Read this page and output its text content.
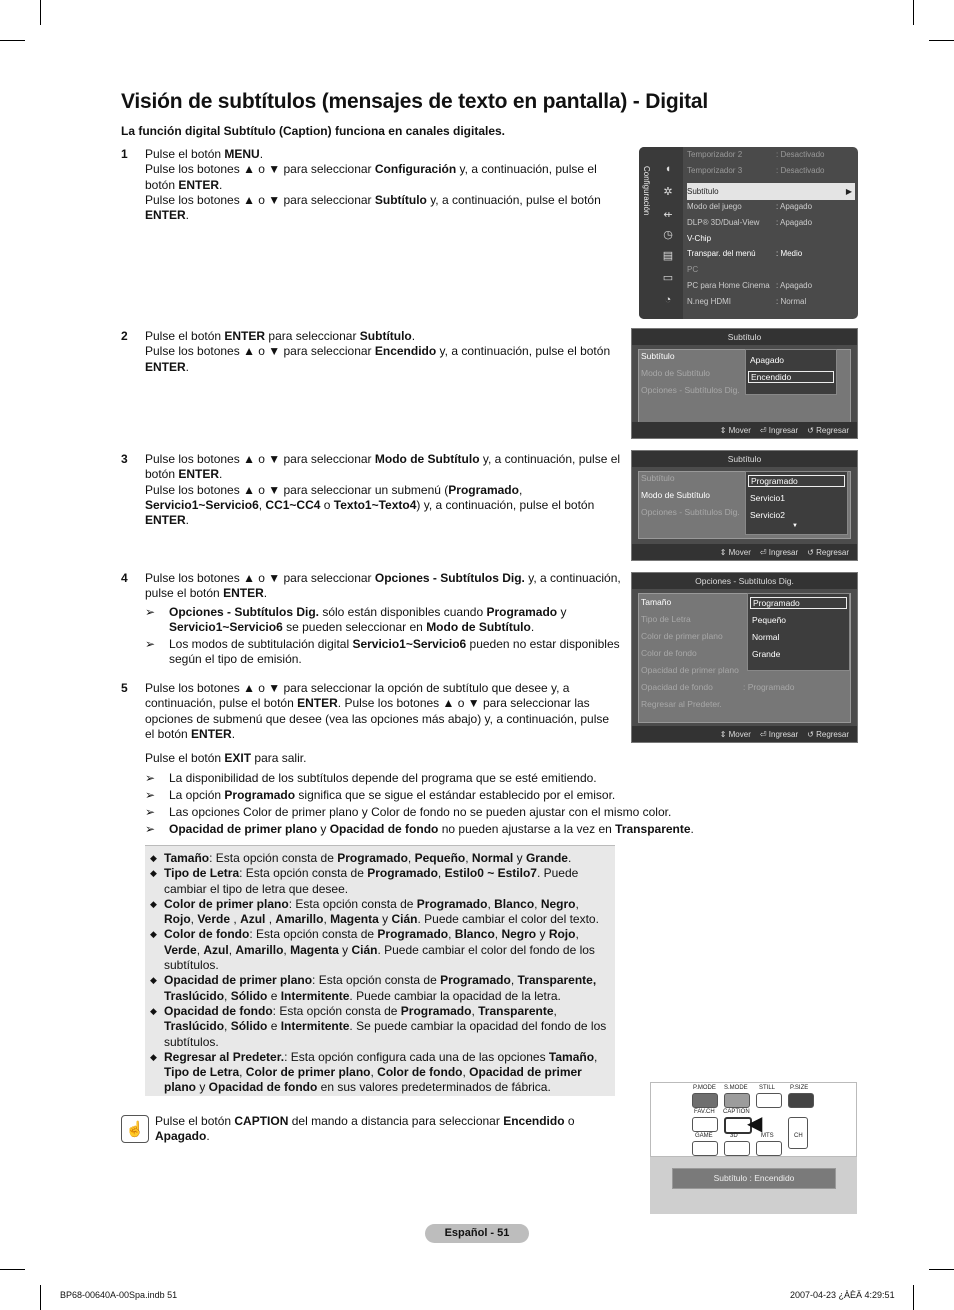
Visión de subtítulos (mensajes de texto en pantalla) - Digital
La función digital Subtítulo (Caption) funciona en canales digitales.
1 Pulse el botón MENU.

Pulse los botones ▲ o ▼ para seleccionar Configuración y, a continuación, pulse el botón ENTER.

Pulse los botones ▲ o ▼ para seleccionar Subtítulo y, a continuación, pulse el botón ENTER.

2 Pulse el botón ENTER para seleccionar Subtítulo.

Pulse los botones ▲ o ▼ para seleccionar Encendido y, a continuación, pulse el botón ENTER.

3 Pulse los botones ▲ o ▼ para seleccionar Modo de Subtítulo y, a continuación, pulse el botón ENTER.

Pulse los botones ▲ o ▼ para seleccionar un submenú (Programado, Servicio1~Servicio6, CC1~CC4 o Texto1~Texto4) y, a continuación, pulse el botón ENTER.

4 Pulse los botones ▲ o ▼ para seleccionar Opciones - Subtítulos Dig. y, a continuación, pulse el botón ENTER.

➢ Opciones - Subtítulos Dig. sólo están disponibles cuando Programado y Servicio1~Servicio6 se pueden seleccionar en Modo de Subtítulo.
➢ Los modos de subtitulación digital Servicio1~Servicio6 pueden no estar disponibles según el tipo de emisión.
5 Pulse los botones ▲ o ▼ para seleccionar la opción de subtítulo que desee y, a continuación, pulse el botón ENTER. Pulse los botones ▲ o ▼ para seleccionar las opciones de submenú que desee (vea las opciones más abajo) y, a continuación, pulse el botón ENTER.

Pulse el botón EXIT para salir.

➢ La disponibilidad de los subtítulos depende del programa que se esté emitiendo.
➢ La opción Programado significa que se sigue el estándar establecido por el emisor.
➢ Las opciones Color de primer plano y Color de fondo no se pueden ajustar con el mismo color.
➢ Opacidad de primer plano y Opacidad de fondo no pueden ajustarse a la vez en Transparente.
◆ Tamaño: Esta opción consta de Programado, Pequeño, Normal y Grande.
◆ Tipo de Letra: Esta opción consta de Programado, Estilo0 ~ Estilo7. Puede cambiar el tipo de letra que desee.
◆ Color de primer plano: Esta opción consta de Programado, Blanco, Negro, Rojo, Verde , Azul , Amarillo, Magenta y Cián. Puede cambiar el color del texto.
◆ Color de fondo: Esta opción consta de Programado, Blanco, Negro y Rojo, Verde, Azul, Amarillo, Magenta y Cián. Puede cambiar el color del fondo de los subtítulos.
◆ Opacidad de primer plano: Esta opción consta de Programado, Transparente, Traslúcido, Sólido e Intermitente. Puede cambiar la opacidad de la letra.
◆ Opacidad de fondo: Esta opción consta de Programado, Transparente, Traslúcido, Sólido e Intermitente. Se puede cambiar la opacidad del fondo de los subtítulos.
◆ Regresar al Predeter.: Esta opción configura cada una de las opciones Tamaño, Tipo de Letra, Color de primer plano, Color de fondo, Opacidad de primer plano y Opacidad de fondo en sus valores predeterminados de fábrica.
☝ Pulse el botón CAPTION del mando a distancia para seleccionar Encendido o Apagado.
Configuración	◖
✲
⇷
◷
▤
▭
◔
Temporizador 2	: Desactivado
Temporizador 3	: Desactivado
Subtítulo	▶
Modo del juego	: Apagado
DLP® 3D/Dual-View	: Apagado
V-Chip
Transpar. del menú	: Medio
PC
PC para Home Cinema : Apagado
N.neg HDMI	: Normal
Subtítulo
Subtítulo
Modo de Subtítulo
Opciones - Subtítulos Dig.
Apagado
Encendido
⇕ Mover ⏎ Ingresar ↺ Regresar
Subtítulo
Subtítulo
Modo de Subtítulo
Opciones - Subtítulos Dig.
Programado
Servicio1
Servicio2
▼
⇕ Mover ⏎ Ingresar ↺ Regresar
Opciones - Subtítulos Dig.
Tamaño
Tipo de Letra
Color de primer plano
Color de fondo
Opacidad de primer plano
Opacidad de fondo	: Programado
Regresar al Predeter.
Programado
Pequeño
Normal
Grande
⇕ Mover ⏎ Ingresar ↺ Regresar
P.MODE S.MODE STILL P.SIZE
FAV.CH CAPTION
GAME	3D	MTS	CH
◀
Subtítulo : Encendido
Español - 51
BP68-00640A-00Spa.indb 51	2007-04-23 ¿ÀÈÄ 4:29:51
